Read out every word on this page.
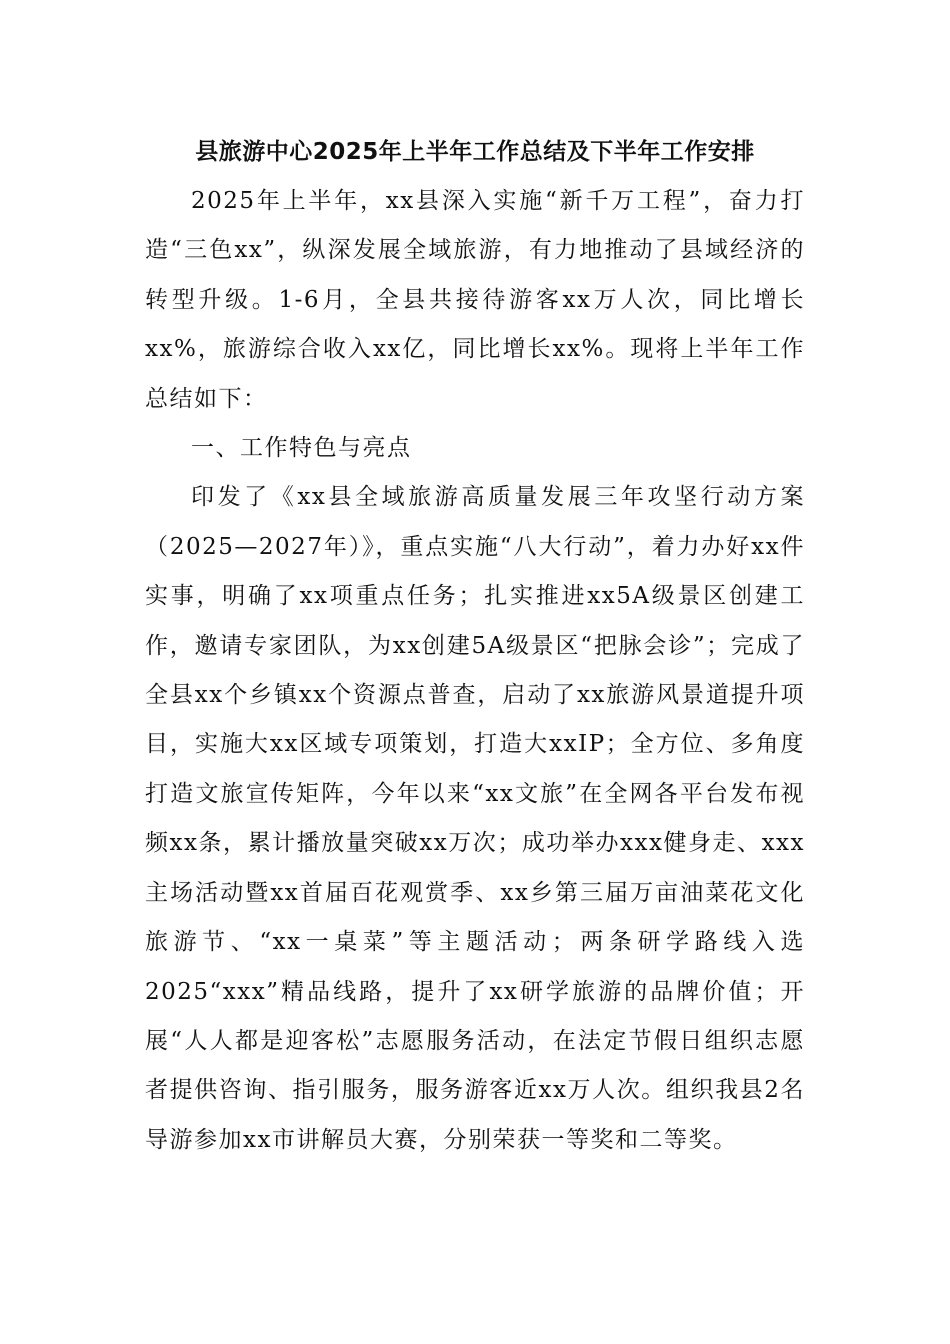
县旅游中心2025年上半年工作总结及下半年工作安排

2025年上半年，xx县深入实施“新千万工程”，奋力打造“三色xx”，纵深发展全域旅游，有力地推动了县域经济的转型升级。1-6月，全县共接待游客xx万人次，同比增长xx%，旅游综合收入xx亿，同比增长xx%。现将上半年工作总结如下：

一、工作特色与亮点

印发了《xx县全域旅游高质量发展三年攻坚行动方案（2025—2027年）》，重点实施“八大行动”，着力办好xx件实事，明确了xx项重点任务；扎实推进xx5A级景区创建工作，邀请专家团队，为xx创建5A级景区“把脉会诊”；完成了全县xx个乡镇xx个资源点普查，启动了xx旅游风景道提升项目，实施大xx区域专项策划，打造大xxIP；全方位、多角度打造文旅宣传矩阵，今年以来“xx文旅”在全网各平台发布视频xx条，累计播放量突破xx万次；成功举办xxx健身走、xxx主场活动暨xx首届百花观赏季、xx乡第三届万亩油菜花文化旅游节、“xx一桌菜”等主题活动；两条研学路线入选2025“xxx”精品线路，提升了xx研学旅游的品牌价值；开展“人人都是迎客松”志愿服务活动，在法定节假日组织志愿者提供咨询、指引服务，服务游客近xx万人次。组织我县2名导游参加xx市讲解员大赛，分别荣获一等奖和二等奖。
